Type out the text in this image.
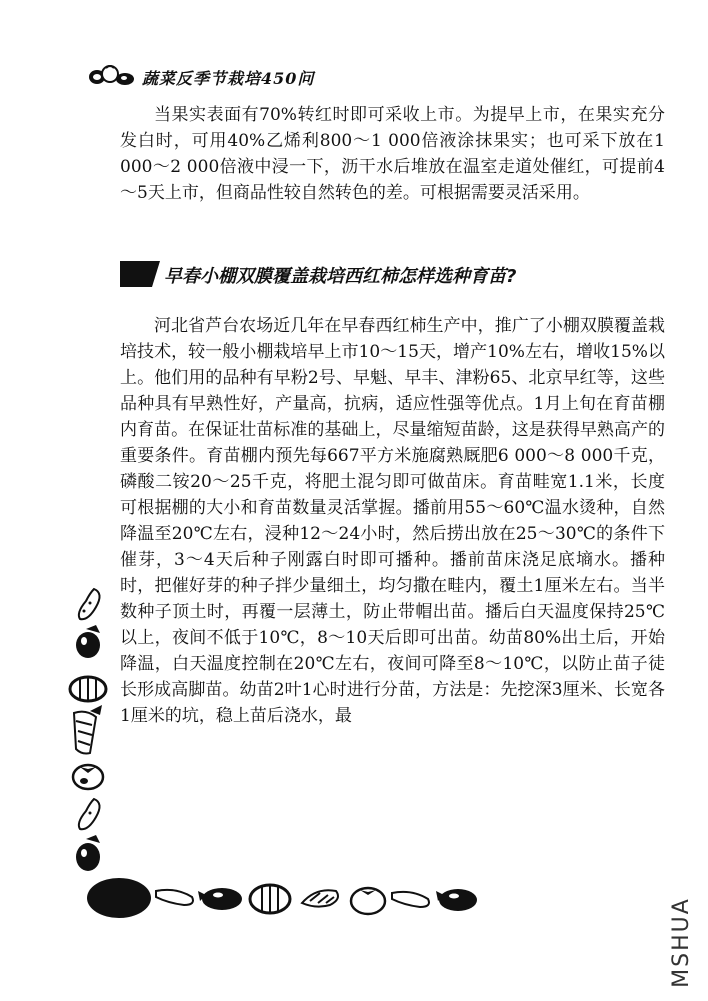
蔬菜反季节栽培450问
当果实表面有70%转红时即可采收上市。为提早上市，在果实充分发白时，可用40%乙烯利800～1 000倍液涂抹果实；也可采下放在1 000～2 000倍液中浸一下，沥干水后堆放在温室走道处催红，可提前4～5天上市，但商品性较自然转色的差。可根据需要灵活采用。
早春小棚双膜覆盖栽培西红柿怎样选种育苗?
河北省芦台农场近几年在早春西红柿生产中，推广了小棚双膜覆盖栽培技术，较一般小棚栽培早上市10～15天，增产10%左右，增收15%以上。他们用的品种有早粉2号、早魁、早丰、津粉65、北京早红等，这些品种具有早熟性好，产量高，抗病，适应性强等优点。1月上旬在育苗棚内育苗。在保证壮苗标准的基础上，尽量缩短苗龄，这是获得早熟高产的重要条件。育苗棚内预先每667平方米施腐熟厩肥6 000～8 000千克，磷酸二铵20～25千克，将肥土混匀即可做苗床。育苗畦宽1.1米，长度可根据棚的大小和育苗数量灵活掌握。播前用55～60℃温水烫种，自然降温至20℃左右，浸种12～24小时，然后捞出放在25～30℃的条件下催芽，3～4天后种子刚露白时即可播种。播前苗床浇足底墒水。播种时，把催好芽的种子拌少量细土，均匀撒在畦内，覆土1厘米左右。当半数种子顶土时，再覆一层薄土，防止带帽出苗。播后白天温度保持25℃以上，夜间不低于10℃，8～10天后即可出苗。幼苗80%出土后，开始降温，白天温度控制在20℃左右，夜间可降至8～10℃，以防止苗子徒长形成高脚苗。幼苗2叶1心时进行分苗，方法是：先挖深3厘米、长宽各1厘米的坑，稳上苗后浇水，最
MSHUA
